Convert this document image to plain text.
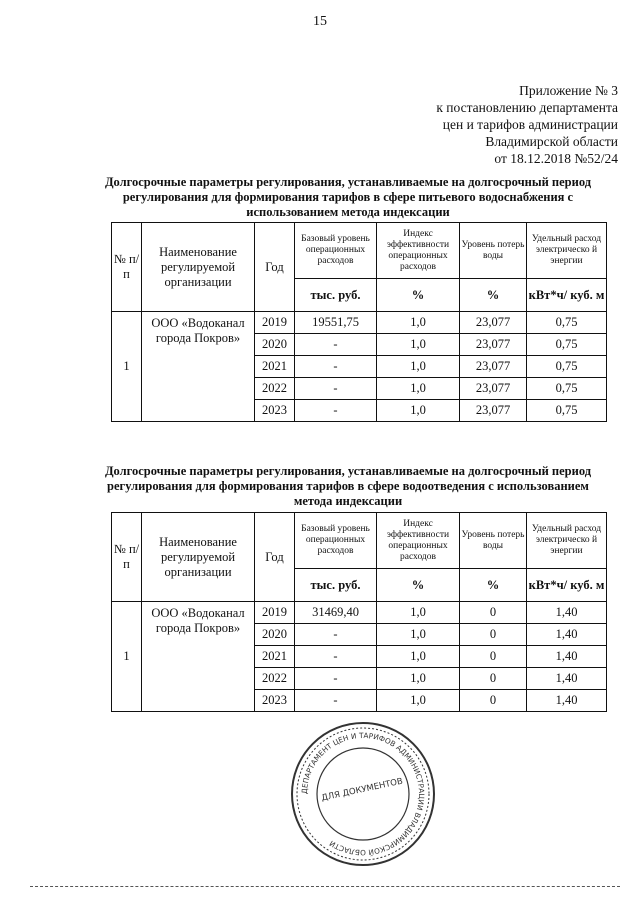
15
Приложение № 3
к постановлению департамента
цен и тарифов администрации
Владимирской области
от 18.12.2018 №52/24
Долгосрочные параметры регулирования, устанавливаемые на долгосрочный период регулирования для формирования тарифов в сфере питьевого водоснабжения с использованием метода индексации
№ п/п	Наименование регулируемой организации	Год	Базовый уровень операционных расходов	Индекс эффективности операционных расходов	Уровень потерь воды	Удельный расход электрическо й энергии
			тыс. руб.	%	%	кВт*ч/ куб. м
1	ООО «Водоканал города Покров»	2019	19551,75	1,0	23,077	0,75
		2020	-	1,0	23,077	0,75
		2021	-	1,0	23,077	0,75
		2022	-	1,0	23,077	0,75
		2023	-	1,0	23,077	0,75
Долгосрочные параметры регулирования, устанавливаемые на долгосрочный период регулирования для формирования тарифов в сфере водоотведения с использованием метода индексации
№ п/п	Наименование регулируемой организации	Год	Базовый уровень операционных расходов	Индекс эффективности операционных расходов	Уровень потерь воды	Удельный расход электрическо й энергии
			тыс. руб.	%	%	кВт*ч/ куб. м
1	ООО «Водоканал города Покров»	2019	31469,40	1,0	0	1,40
		2020	-	1,0	0	1,40
		2021	-	1,0	0	1,40
		2022	-	1,0	0	1,40
		2023	-	1,0	0	1,40
ДЕПАРТАМЕНТ ЦЕН И ТАРИФОВ АДМИНИСТРАЦИИ ВЛАДИМИРСКОЙ ОБЛАСТИ
ДЛЯ ДОКУМЕНТОВ
